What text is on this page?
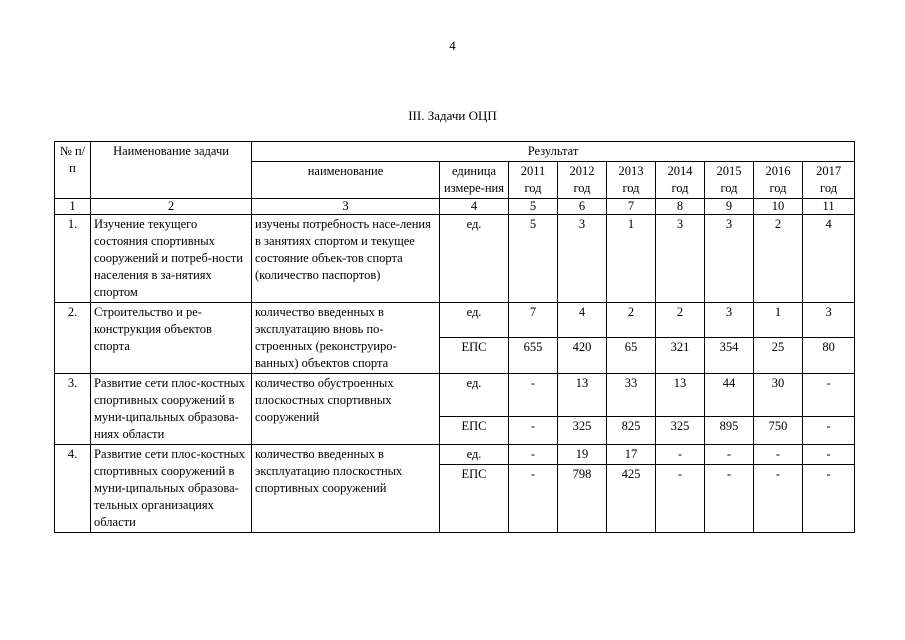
4
III. Задачи ОЦП
№ п/п	Наименование задачи	Результат								
		наименование	единица измере-ния	2011 год	2012 год	2013 год	2014 год	2015 год	2016 год	2017 год
1	2	3	4	5	6	7	8	9	10	11
1.	Изучение текущего состояния спортивных сооружений и потреб-ности населения в за-нятиях спортом	изучены потребность насе-ления в занятиях спортом и текущее состояние объек-тов спорта (количество паспортов)	ед.	5	3	1	3	3	2	4
2.	Строительство и ре-конструкция объектов спорта	количество введенных в эксплуатацию вновь по-строенных (реконструиро-ванных) объектов спорта	ед.	7	4	2	2	3	1	3
			ЕПС	655	420	65	321	354	25	80
3.	Развитие сети плос-костных спортивных сооружений в муни-ципальных образова-ниях области	количество обустроенных плоскостных спортивных сооружений	ед.	-	13	33	13	44	30	-
			ЕПС	-	325	825	325	895	750	-
4.	Развитие сети плос-костных спортивных сооружений в муни-ципальных образова-тельных организациях области	количество введенных в эксплуатацию плоскостных спортивных сооружений	ед.	-	19	17	-	-	-	-
			ЕПС	-	798	425	-	-	-	-
